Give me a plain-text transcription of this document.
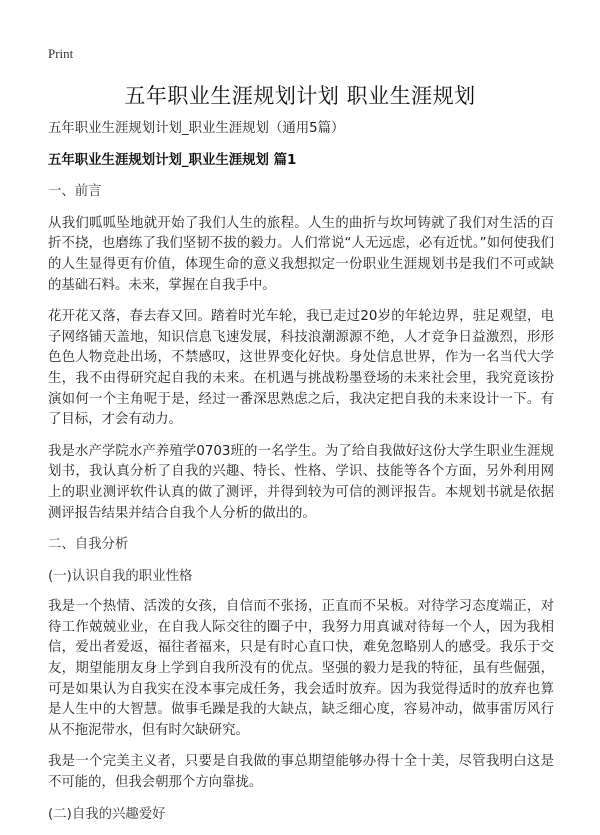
Print
五年职业生涯规划计划 职业生涯规划

五年职业生涯规划计划_职业生涯规划（通用5篇）

五年职业生涯规划计划_职业生涯规划 篇1

一、前言

从我们呱呱坠地就开始了我们人生的旅程。人生的曲折与坎坷铸就了我们对生活的百折不挠，也磨练了我们坚韧不拔的毅力。人们常说“人无远虑，必有近忧。”如何使我们的人生显得更有价值，体现生命的意义我想拟定一份职业生涯规划书是我们不可或缺的基础石料。未来，掌握在自我手中。

花开花又落，春去春又回。踏着时光车轮，我已走过20岁的年轮边界，驻足观望，电子网络铺天盖地，知识信息飞速发展，科技浪潮源源不绝，人才竞争日益激烈，形形色色人物竞赴出场，不禁感叹，这世界变化好快。身处信息世界，作为一名当代大学生，我不由得研究起自我的未来。在机遇与挑战粉墨登场的未来社会里，我究竟该扮演如何一个主角呢于是，经过一番深思熟虑之后，我决定把自我的未来设计一下。有了目标，才会有动力。

我是水产学院水产养殖学0703班的一名学生。为了给自我做好这份大学生职业生涯规划书，我认真分析了自我的兴趣、特长、性格、学识、技能等各个方面，另外利用网上的职业测评软件认真的做了测评，并得到较为可信的测评报告。本规划书就是依据测评报告结果并结合自我个人分析的做出的。

二、自我分析

(一)认识自我的职业性格

我是一个热情、活泼的女孩，自信而不张扬，正直而不呆板。对待学习态度端正，对待工作兢兢业业，在自我人际交往的圈子中，我努力用真诚对待每一个人，因为我相信，爱出者爱返，福往者福来，只是有时心直口快，难免忽略别人的感受。我乐于交友，期望能朋友身上学到自我所没有的优点。坚强的毅力是我的特征，虽有些倔强，可是如果认为自我实在没本事完成任务，我会适时放弃。因为我觉得适时的放弃也算是人生中的大智慧。做事毛躁是我的大缺点，缺乏细心度，容易冲动，做事雷厉风行从不拖泥带水，但有时欠缺研究。

我是一个完美主义者，只要是自我做的事总期望能够办得十全十美，尽管我明白这是不可能的，但我会朝那个方向靠拢。

(二)自我的兴趣爱好
